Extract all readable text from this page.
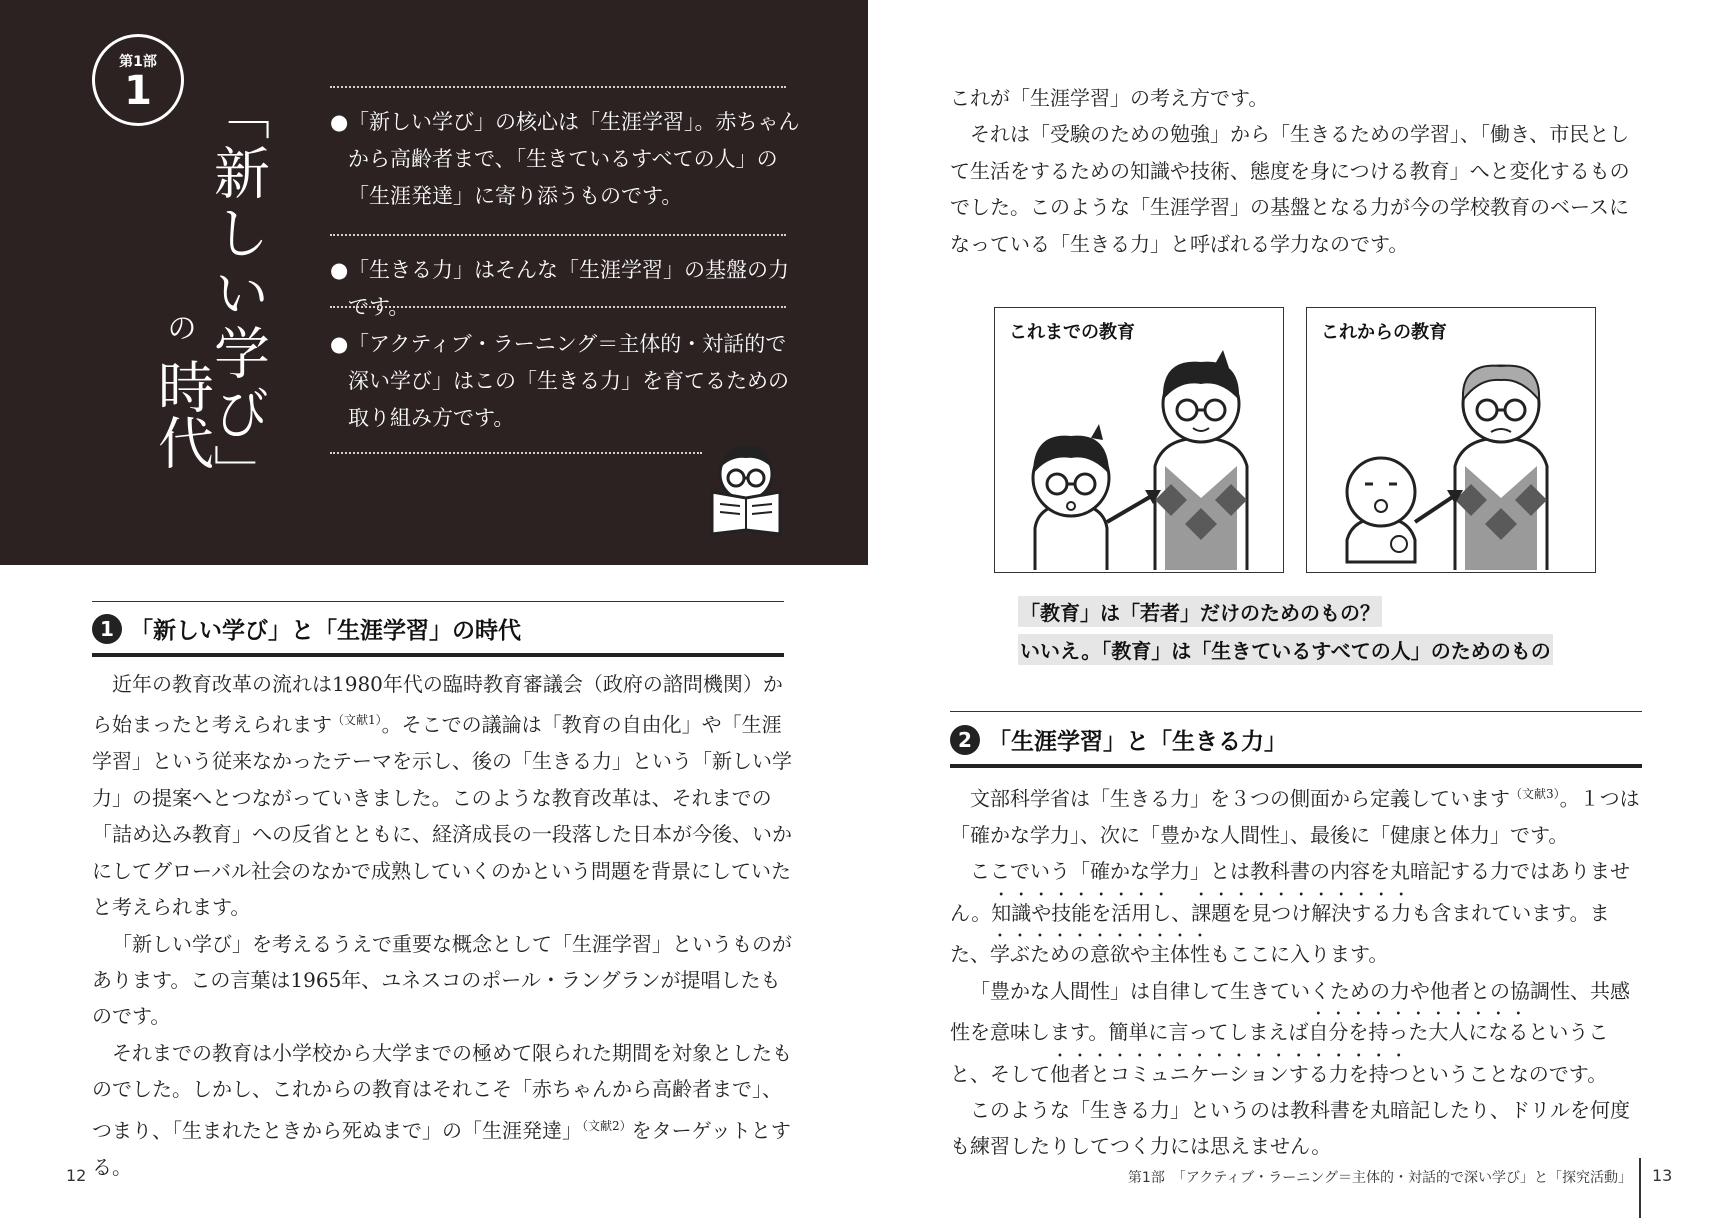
第1部
1 「新しい学び」
の
時代
● 「新しい学び」の核心は「生涯学習」。赤ちゃんから高齢者まで、「生きているすべての人」の「生涯発達」に寄り添うものです。
● 「生きる力」はそんな「生涯学習」の基盤の力です。
● 「アクティブ・ラーニング＝主体的・対話的で深い学び」はこの「生きる力」を育てるための取り組み方です。
1 「新しい学び」と「生涯学習」の時代

近年の教育改革の流れは1980年代の臨時教育審議会（政府の諮問機関）から始まったと考えられます$^{(文献1)}$。そこでの議論は「教育の自由化」や「生涯学習」という従来なかったテーマを示し、後の「生きる力」という「新しい学力」の提案へとつながっていきました。このような教育改革は、それまでの「詰め込み教育」への反省とともに、経済成長の一段落した日本が今後、いかにしてグローバル社会のなかで成熟していくのかという問題を背景にしていたと考えられます。

「新しい学び」を考えるうえで重要な概念として「生涯学習」というものがあります。この言葉は1965年、ユネスコのポール・ラングランが提唱したものです。

それまでの教育は小学校から大学までの極めて限られた期間を対象としたものでした。しかし、これからの教育はそれこそ「赤ちゃんから高齢者まで」、つまり、「生まれたときから死ぬまで」の「生涯発達」$^{(文献2)}$をターゲットとする。

これが「生涯学習」の考え方です。

それは「受験のための勉強」から「生きるための学習」、「働き、市民として生活をするための知識や技術、態度を身につける教育」へと変化するものでした。このような「生涯学習」の基盤となる力が今の学校教育のベースになっている「生きる力」と呼ばれる学力なのです。

これまでの教育	これからの教育
「教育」は「若者」だけのためのもの？
いいえ。「教育」は「生きているすべての人」のためのもの
2 「生涯学習」と「生きる力」

文部科学省は「生きる力」を３つの側面から定義しています$^{(文献3)}$。１つは「確かな学力」、次に「豊かな人間性」、最後に「健康と体力」です。

ここでいう「確かな学力」とは教科書の内容を丸暗記する力ではありません。知識や技能を活用し、課題を見つけ解決する力も含まれています。また、学ぶための意欲や主体性もここに入ります。

「豊かな人間性」は自律して生きていくための力や他者との協調性、共感性を意味します。簡単に言ってしまえば自分を持った大人になるということ、そして他者とコミュニケーションする力を持つということなのです。

このような「生きる力」というのは教科書を丸暗記したり、ドリルを何度も練習したりしてつく力には思えません。

12	第1部　「アクティブ・ラーニング＝主体的・対話的で深い学び」と「探究活動」 13
